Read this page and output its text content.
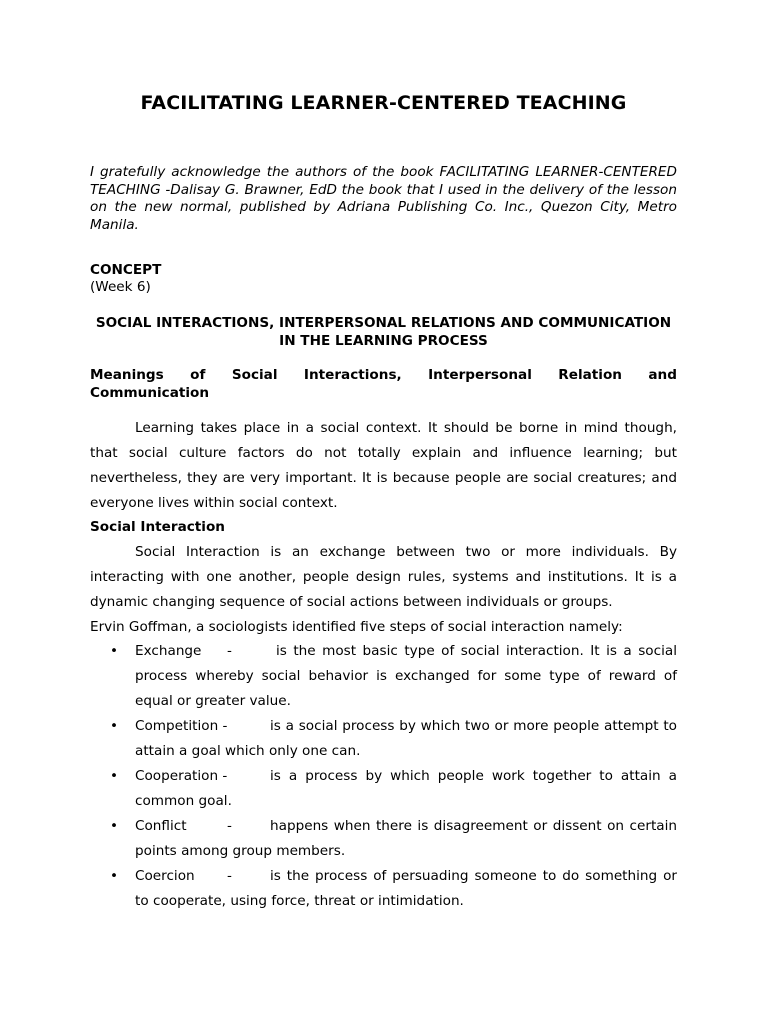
FACILITATING LEARNER-CENTERED TEACHING
I gratefully acknowledge the authors of the book FACILITATING LEARNER-CENTERED TEACHING -Dalisay G. Brawner, EdD the book that I used in the delivery of the lesson on the new normal, published by Adriana Publishing Co. Inc., Quezon City, Metro Manila.
CONCEPT
(Week 6)
SOCIAL INTERACTIONS, INTERPERSONAL RELATIONS AND COMMUNICATION
IN THE LEARNING PROCESS
Meanings of Social Interactions, Interpersonal Relation and
Communication
Learning takes place in a social context. It should be borne in mind though, that social culture factors do not totally explain and influence learning; but nevertheless, they are very important. It is because people are social creatures; and everyone lives within social context.
Social Interaction
Social Interaction is an exchange between two or more individuals. By interacting with one another, people design rules, systems and institutions. It is a dynamic changing sequence of social actions between individuals or groups.
Ervin Goffman, a sociologists identified five steps of social interaction namely:
• Exchange -	is the most basic type of social interaction. It is a social process whereby social behavior is exchanged for some type of reward of equal or greater value.
• Competition -	is a social process by which two or more people attempt to attain a goal which only one can.
• Cooperation -	is a process by which people work together to attain a common goal.
• Conflict	-	happens when there is disagreement or dissent on certain points among group members.
• Coercion -	is the process of persuading someone to do something or to cooperate, using force, threat or intimidation.
